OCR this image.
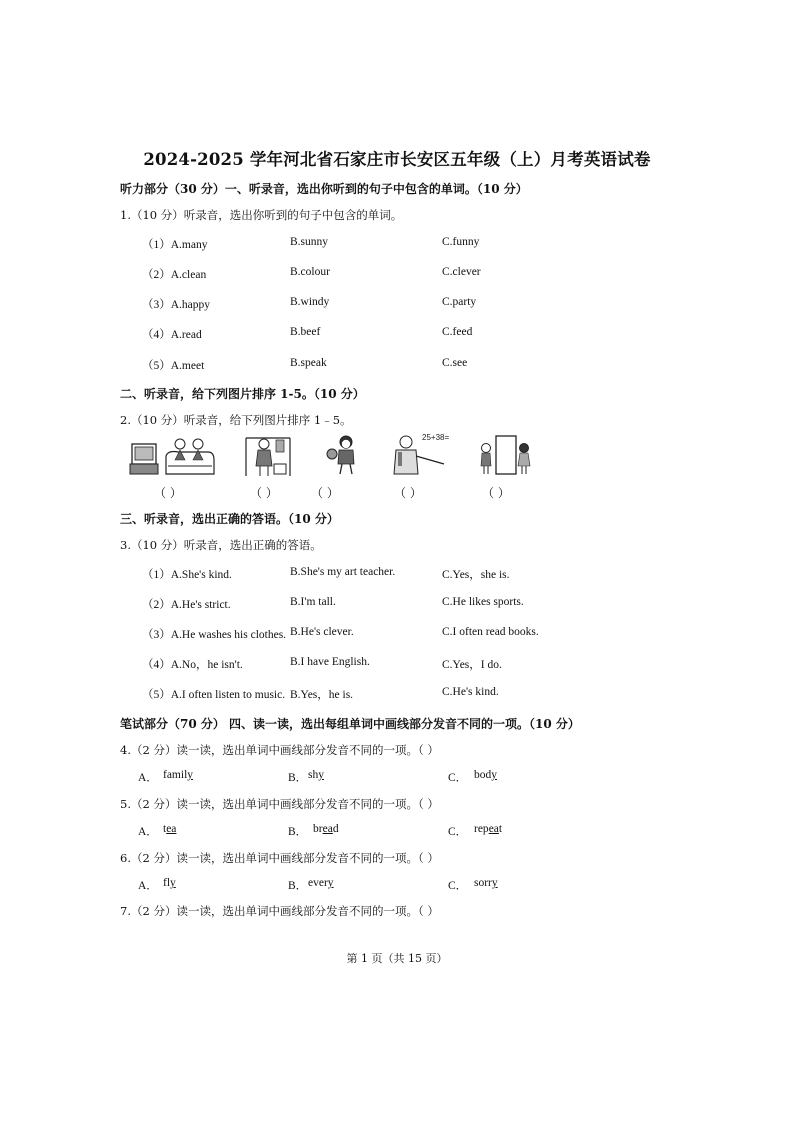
2024-2025 学年河北省石家庄市长安区五年级（上）月考英语试卷
听力部分（30 分）一、听录音，选出你听到的句子中包含的单词。（10 分）
1.（10 分）听录音，选出你听到的句子中包含的单词。
（1）A.many	B.sunny	C.funny
（2）A.clean	B.colour	C.clever
（3）A.happy	B.windy	C.party
（4）A.read	B.beef	C.feed
（5）A.meet	B.speak	C.see
二、听录音，给下列图片排序 1-5。（10 分）
2.（10 分）听录音，给下列图片排序 1﹣5。
25+38=
（ ）	（ ）	（ ）	（ ）	（ ）
三、听录音，选出正确的答语。（10 分）
3.（10 分）听录音，选出正确的答语。
（1）A.She's kind.	B.She's my art teacher.	C.Yes，she is.
（2）A.He's strict.	B.I'm tall.	C.He likes sports.
（3）A.He washes his clothes. B.He's clever.	C.I often read books.
（4）A.No，he isn't.	B.I have English.	C.Yes，I do.
（5）A.I often listen to music. B.Yes，he is.	C.He's kind.
笔试部分（70 分） 四、读一读，选出每组单词中画线部分发音不同的一项。（10 分）
4.（2 分）读一读，选出单词中画线部分发音不同的一项。（ ）
A． family	B． shy	C． body
5.（2 分）读一读，选出单词中画线部分发音不同的一项。（ ）
A． tea	B． bread	C． repeat
6.（2 分）读一读，选出单词中画线部分发音不同的一项。（ ）
A． fly	B． every	C． sorry
7.（2 分）读一读，选出单词中画线部分发音不同的一项。（ ）
第 1 页（共 15 页）
